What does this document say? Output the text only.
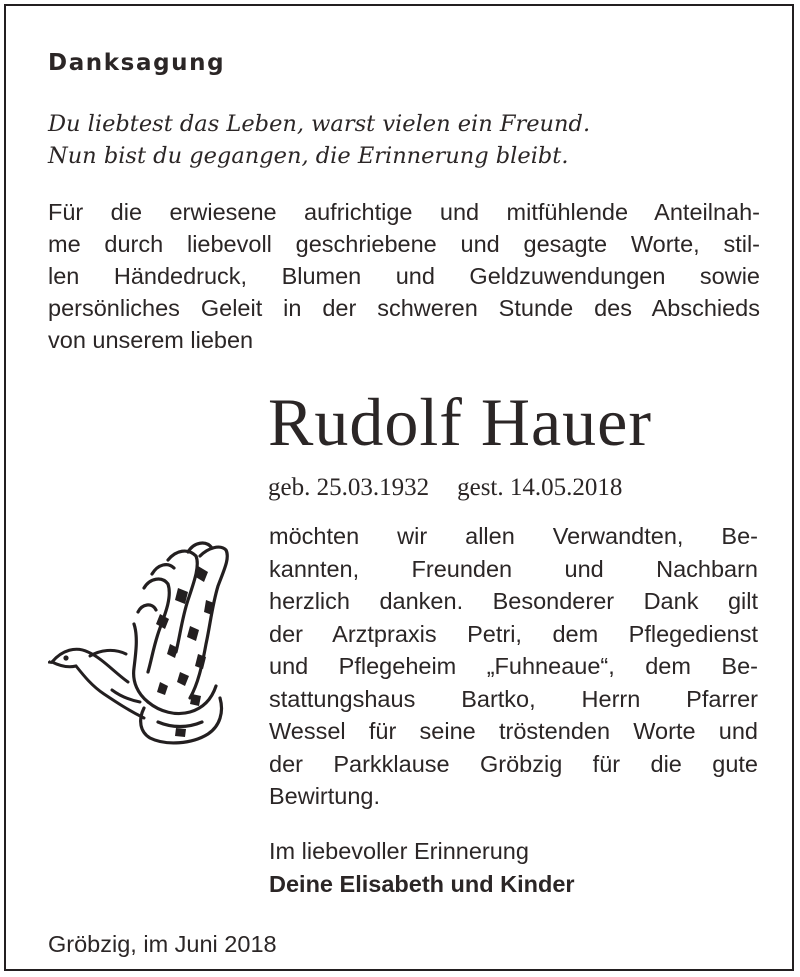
Danksagung
Du liebtest das Leben, warst vielen ein Freund.
Nun bist du gegangen, die Erinnerung bleibt.
Für die erwiesene aufrichtige und mitfühlende Anteilnah-
me durch liebevoll geschriebene und gesagte Worte, stil-
len Händedruck, Blumen und Geldzuwendungen sowie
persönliches Geleit in der schweren Stunde des Abschieds
von unserem lieben
Rudolf Hauer
geb. 25.03.1932 gest. 14.05.2018
möchten wir allen Verwandten, Be-
kannten, Freunden und Nachbarn
herzlich danken. Besonderer Dank gilt
der Arztpraxis Petri, dem Pflegedienst
und Pflegeheim „Fuhneaue“, dem Be-
stattungshaus Bartko, Herrn Pfarrer
Wessel für seine tröstenden Worte und
der Parkklause Gröbzig für die gute
Bewirtung.
Im liebevoller Erinnerung
Deine Elisabeth und Kinder
Gröbzig, im Juni 2018
